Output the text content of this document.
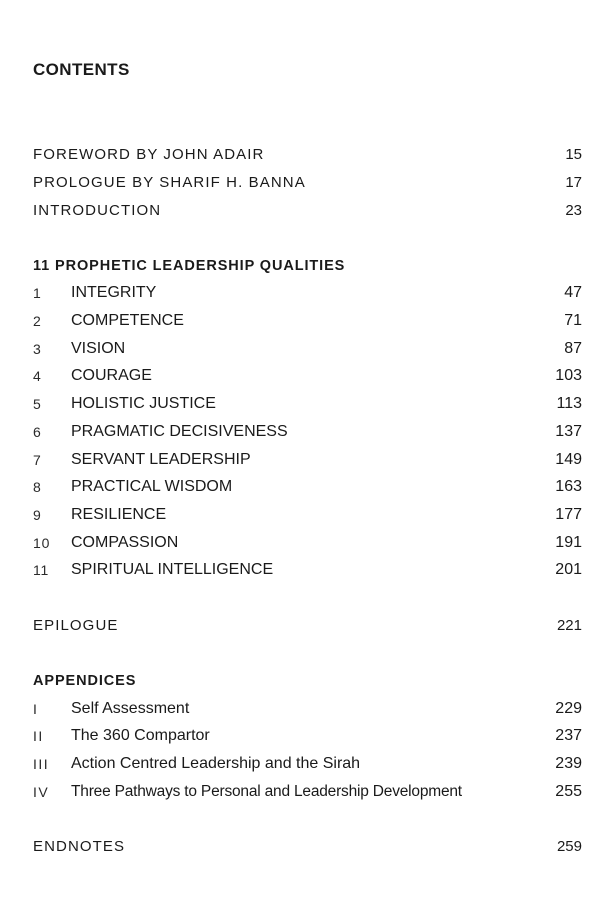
CONTENTS
FOREWORD BY JOHN ADAIR	15
PROLOGUE BY SHARIF H. BANNA	17
INTRODUCTION	23
11 PROPHETIC LEADERSHIP QUALITIES
1	INTEGRITY	47
2	COMPETENCE	71
3	VISION	87
4	COURAGE	103
5	HOLISTIC JUSTICE	113
6	PRAGMATIC DECISIVENESS	137
7	SERVANT LEADERSHIP	149
8	PRACTICAL WISDOM	163
9	RESILIENCE	177
10	COMPASSION	191
11	SPIRITUAL INTELLIGENCE	201
EPILOGUE	221
APPENDICES
I	Self Assessment	229
II	The 360 Compartor	237
III	Action Centred Leadership and the Sirah	239
IV	Three Pathways to Personal and Leadership Development	255
ENDNOTES	259
